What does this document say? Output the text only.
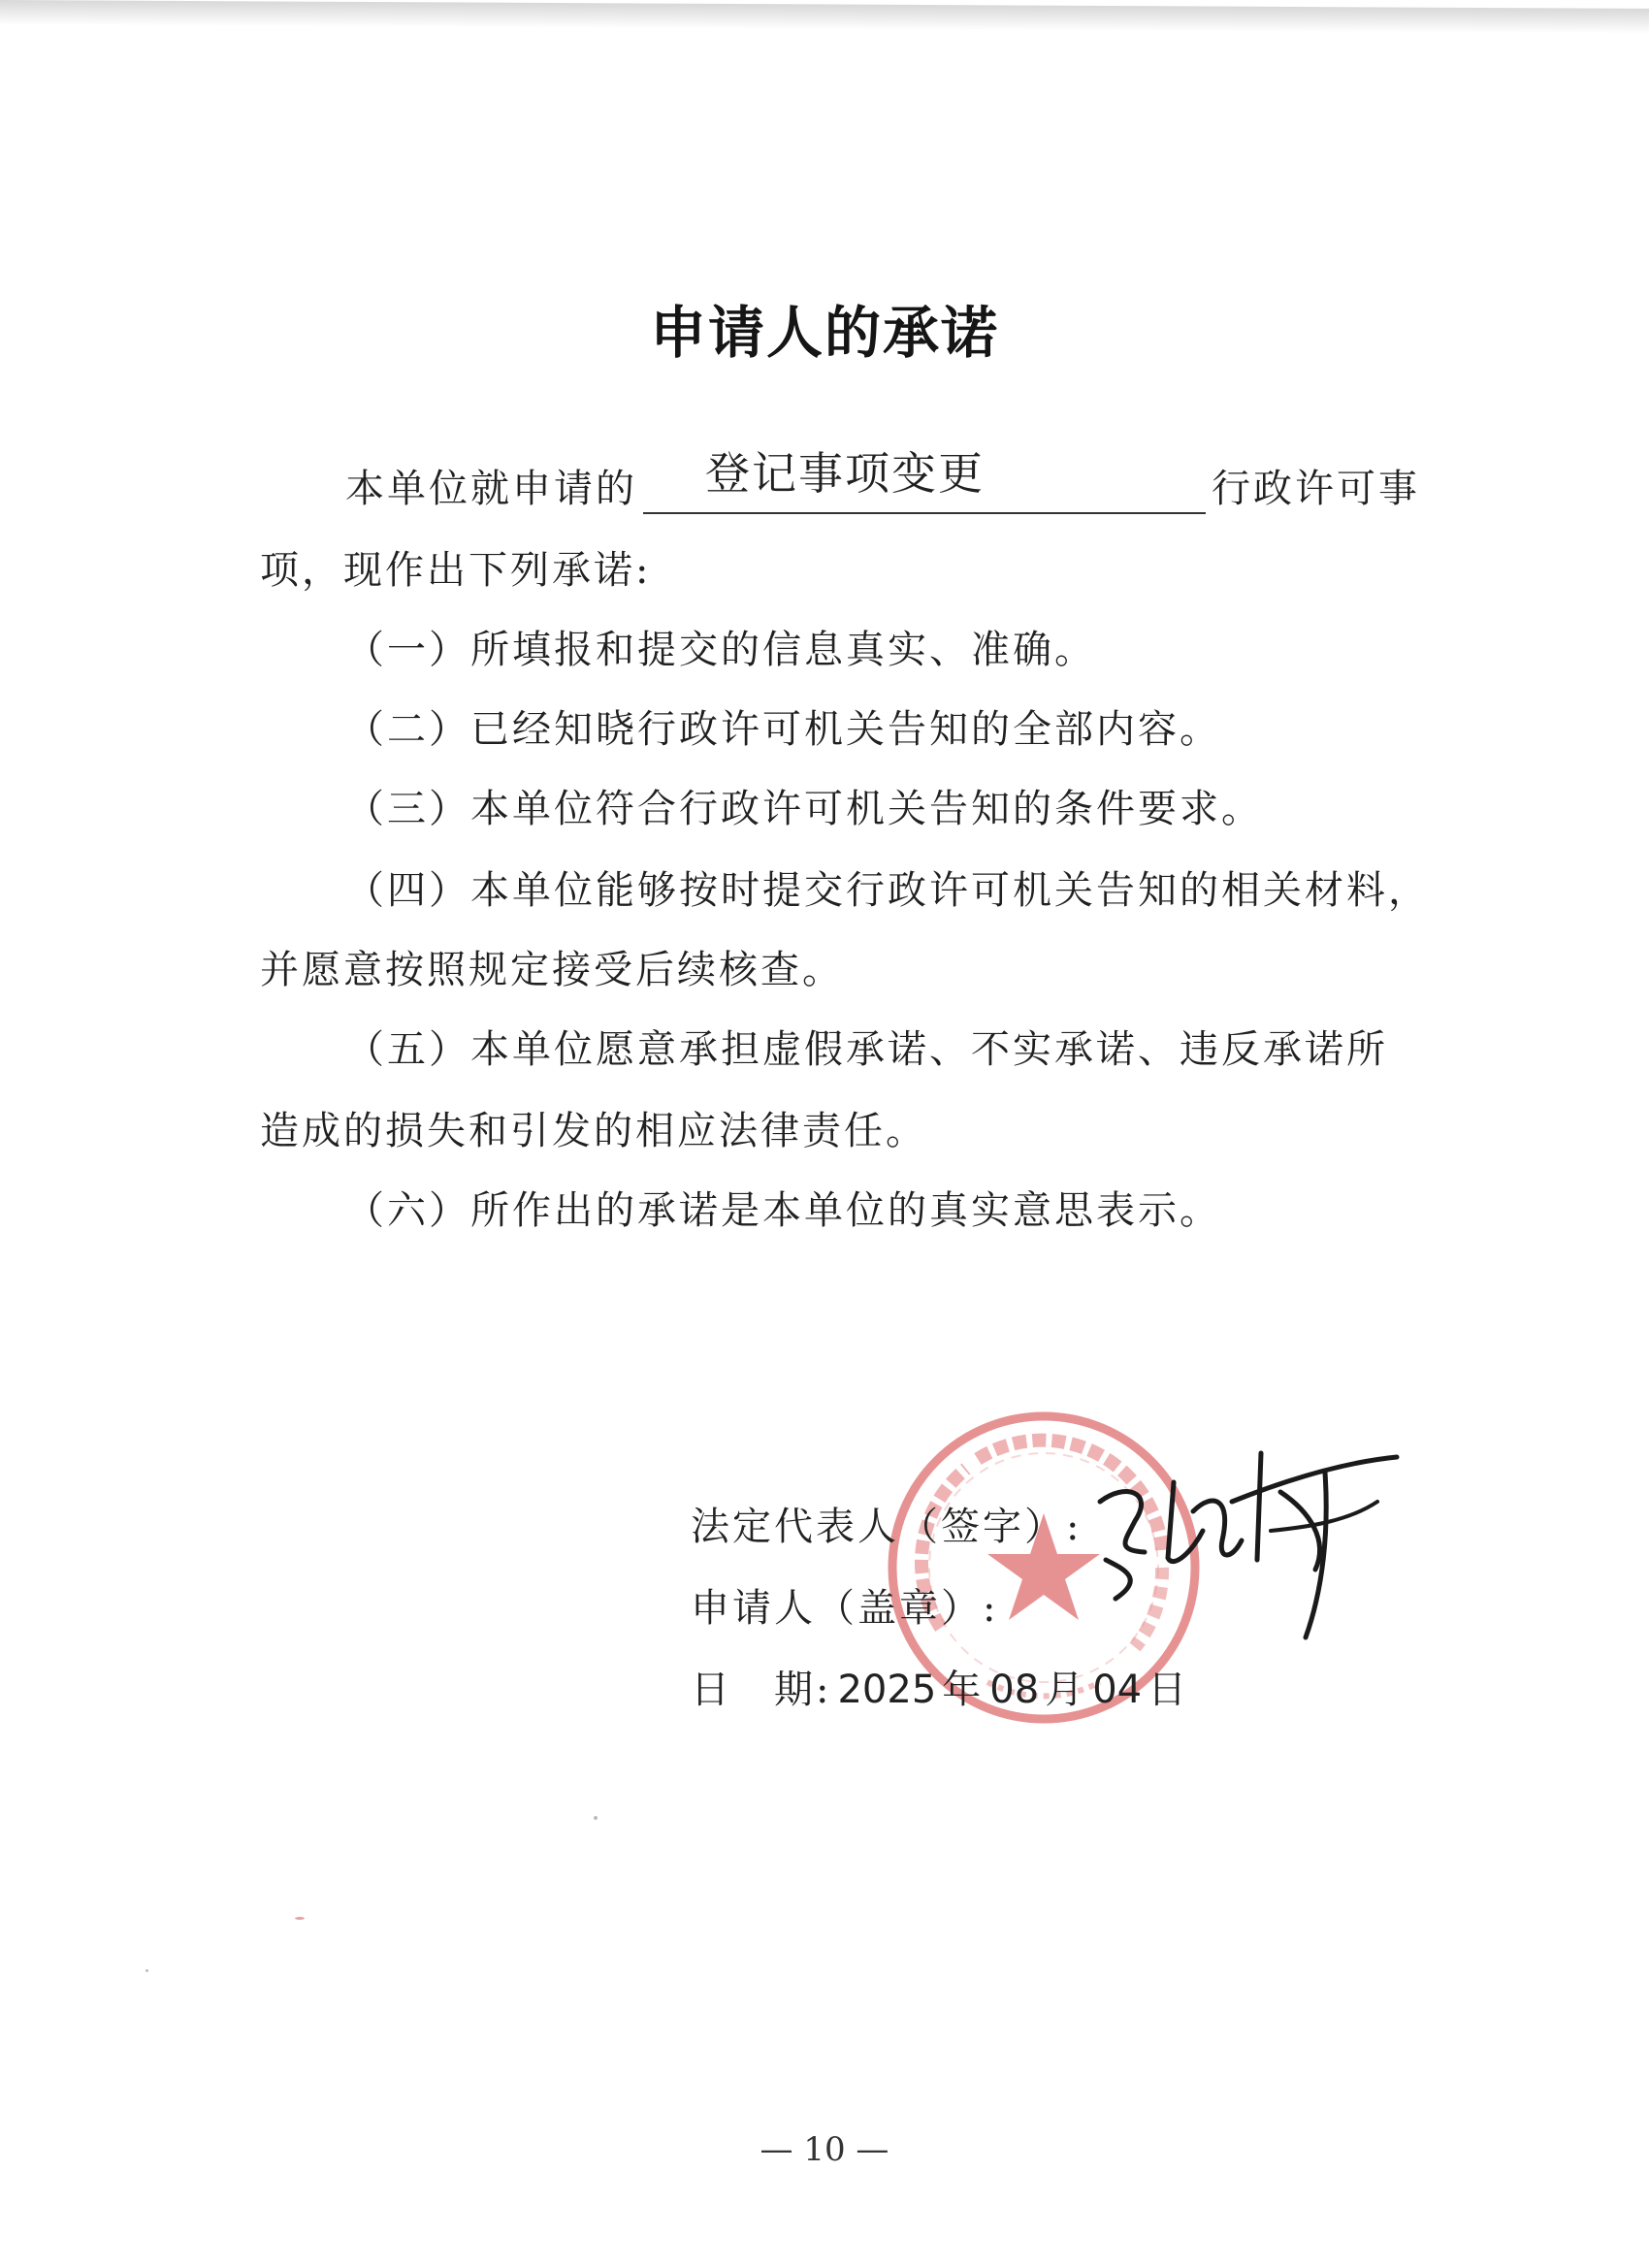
申请人的承诺
本单位就申请的 登记事项变更	行政许可事
项，现作出下列承诺:
（一）所填报和提交的信息真实、准确。
（二）已经知晓行政许可机关告知的全部内容。
（三）本单位符合行政许可机关告知的条件要求。
（四）本单位能够按时提交行政许可机关告知的相关材料，
并愿意按照规定接受后续核查。
（五）本单位愿意承担虚假承诺、不实承诺、违反承诺所
造成的损失和引发的相应法律责任。
（六）所作出的承诺是本单位的真实意思表示。
法定代表人（签字）:
申请人（盖章）:
日　期: 2025 年 08 月 04 日
— 10 —
